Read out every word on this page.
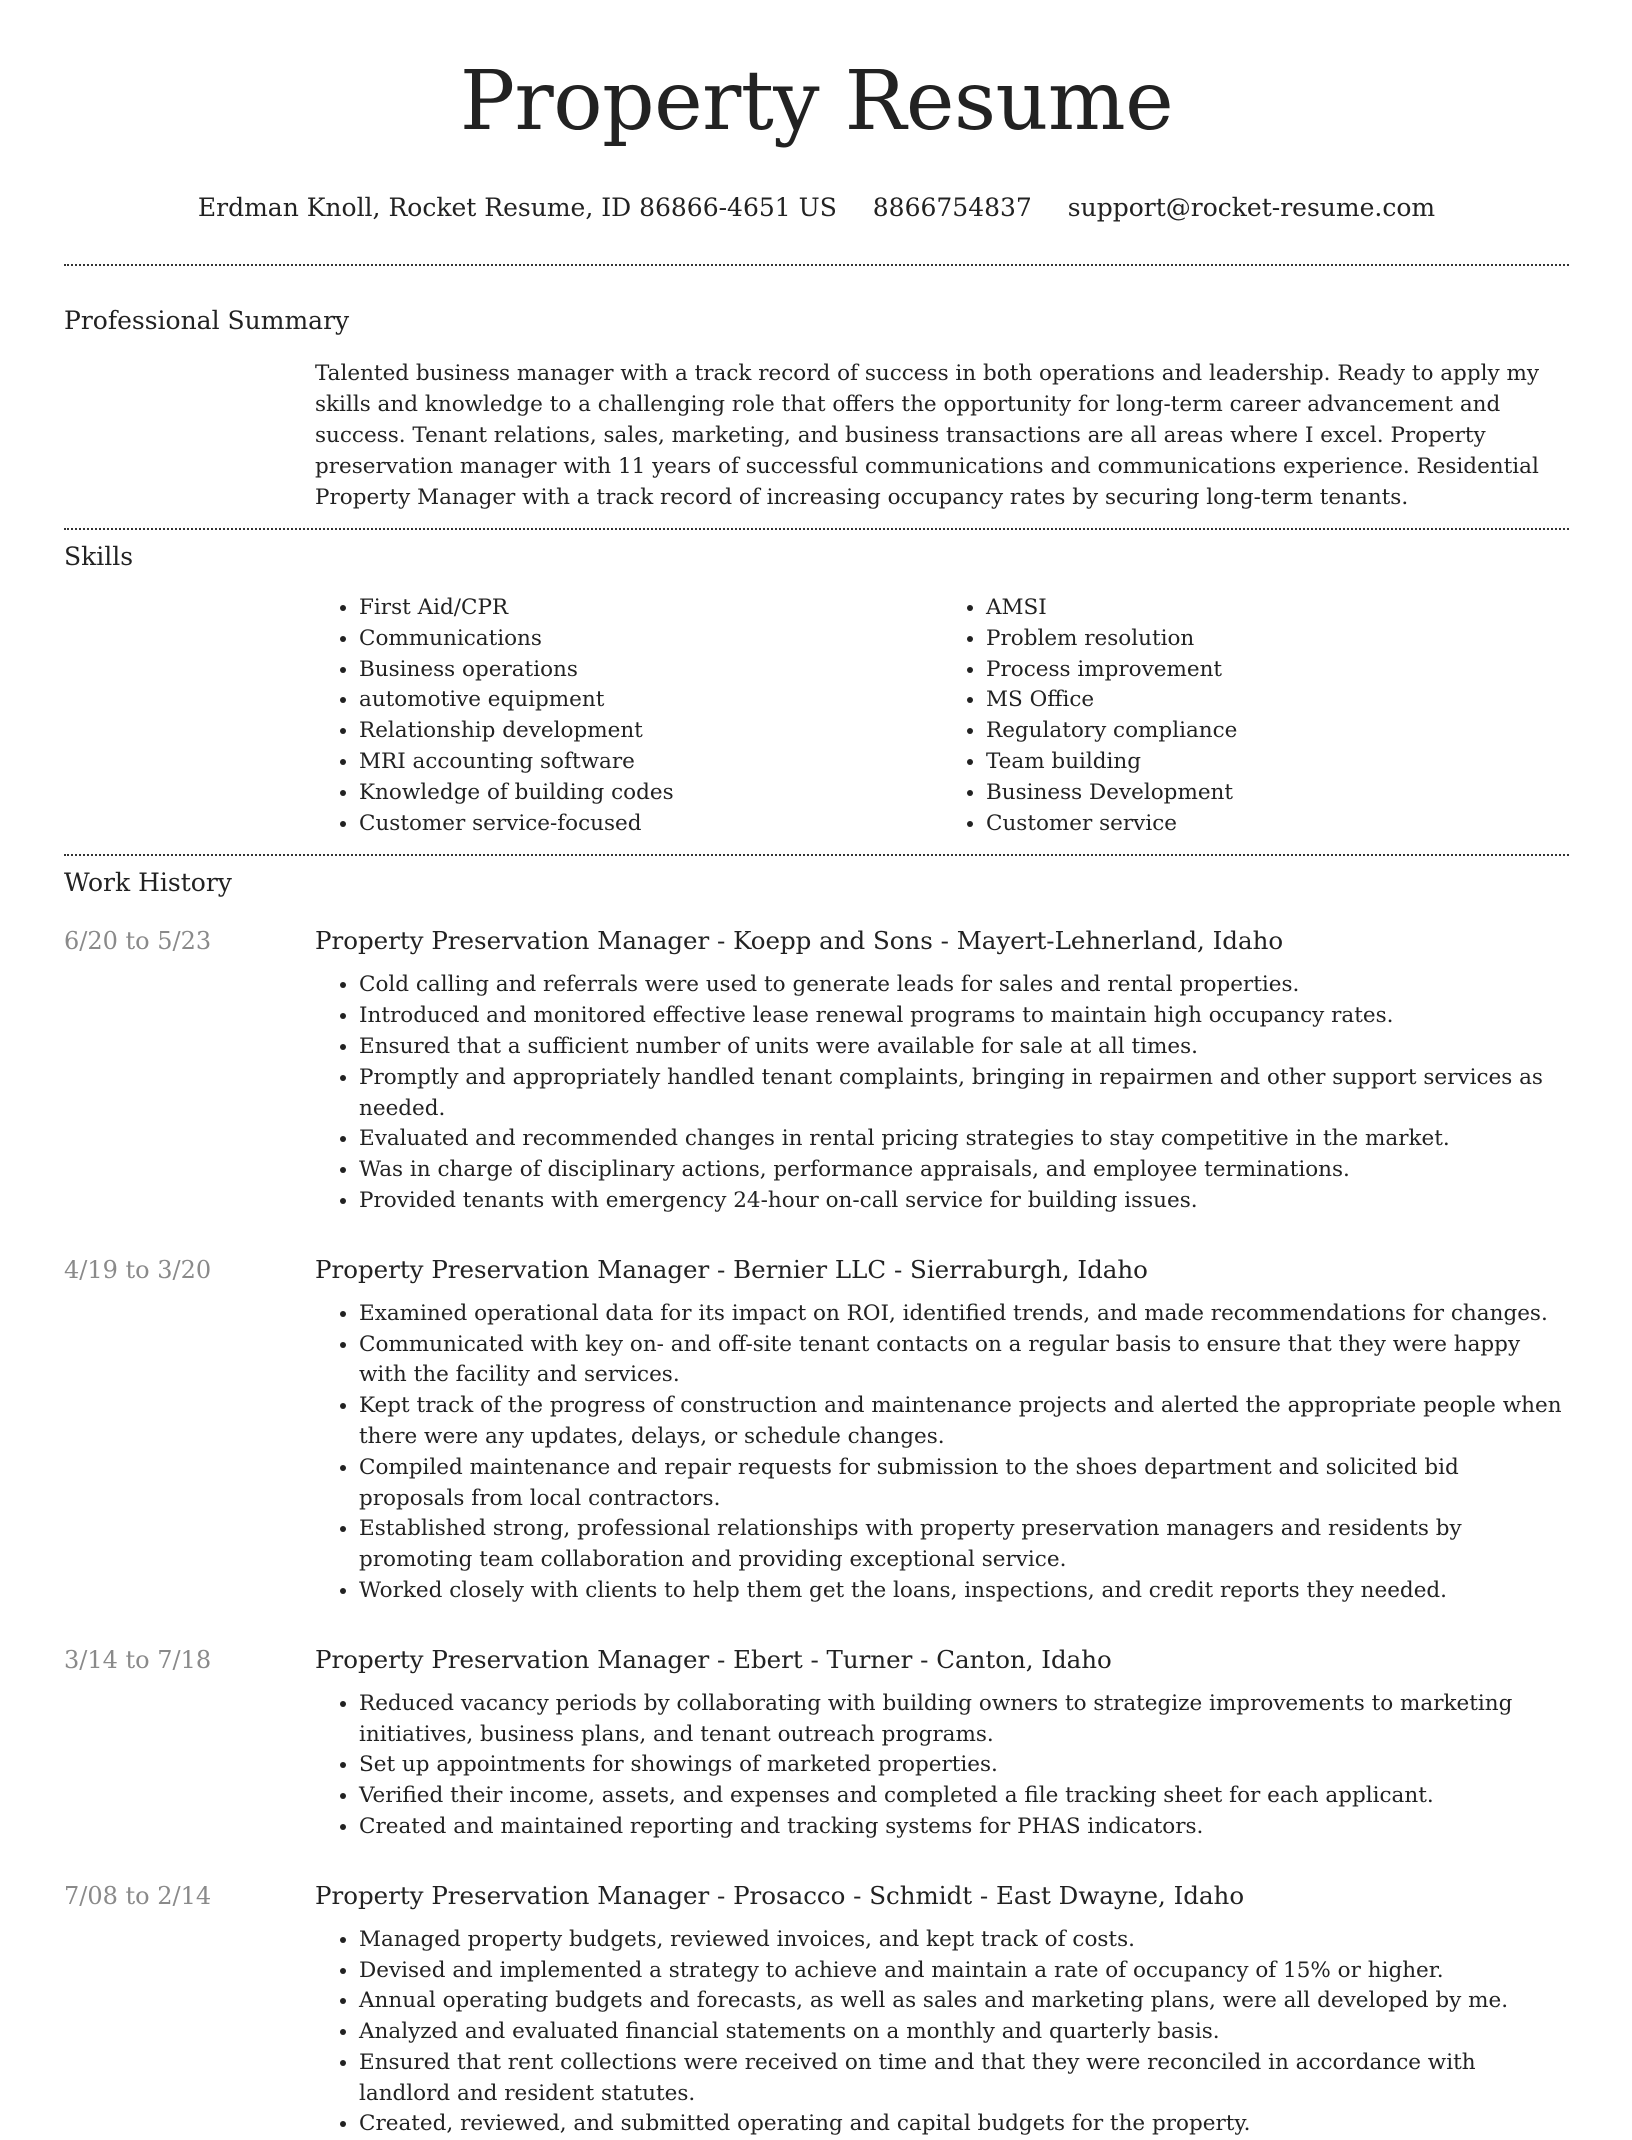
Property Resume
Erdman Knoll, Rocket Resume, ID 86866-4651 US 8866754837 support@rocket-resume.com
Professional Summary

Talented business manager with a track record of success in both operations and leadership. Ready to apply my skills and knowledge to a challenging role that offers the opportunity for long-term career advancement and success. Tenant relations, sales, marketing, and business transactions are all areas where I excel. Property preservation manager with 11 years of successful communications and communications experience. Residential Property Manager with a track record of increasing occupancy rates by securing long-term tenants.

Skills
• First Aid/CPR
• Communications
• Business operations
• automotive equipment
• Relationship development
• MRI accounting software
• Knowledge of building codes
• Customer service-focused
• AMSI
• Problem resolution
• Process improvement
• MS Office
• Regulatory compliance
• Team building
• Business Development
• Customer service
Work History
6/20 to 5/23	Property Preservation Manager - Koepp and Sons - Mayert-Lehnerland, Idaho
• Cold calling and referrals were used to generate leads for sales and rental properties.
• Introduced and monitored effective lease renewal programs to maintain high occupancy rates.
• Ensured that a sufficient number of units were available for sale at all times.
• Promptly and appropriately handled tenant complaints, bringing in repairmen and other support services as needed.
• Evaluated and recommended changes in rental pricing strategies to stay competitive in the market.
• Was in charge of disciplinary actions, performance appraisals, and employee terminations.
• Provided tenants with emergency 24-hour on-call service for building issues.
4/19 to 3/20	Property Preservation Manager - Bernier LLC - Sierraburgh, Idaho
• Examined operational data for its impact on ROI, identified trends, and made recommendations for changes.
• Communicated with key on- and off-site tenant contacts on a regular basis to ensure that they were happy with the facility and services.
• Kept track of the progress of construction and maintenance projects and alerted the appropriate people when there were any updates, delays, or schedule changes.
• Compiled maintenance and repair requests for submission to the shoes department and solicited bid proposals from local contractors.
• Established strong, professional relationships with property preservation managers and residents by promoting team collaboration and providing exceptional service.
• Worked closely with clients to help them get the loans, inspections, and credit reports they needed.
3/14 to 7/18	Property Preservation Manager - Ebert - Turner - Canton, Idaho
• Reduced vacancy periods by collaborating with building owners to strategize improvements to marketing initiatives, business plans, and tenant outreach programs.
• Set up appointments for showings of marketed properties.
• Verified their income, assets, and expenses and completed a file tracking sheet for each applicant.
• Created and maintained reporting and tracking systems for PHAS indicators.
7/08 to 2/14	Property Preservation Manager - Prosacco - Schmidt - East Dwayne, Idaho
• Managed property budgets, reviewed invoices, and kept track of costs.
• Devised and implemented a strategy to achieve and maintain a rate of occupancy of 15% or higher.
• Annual operating budgets and forecasts, as well as sales and marketing plans, were all developed by me.
• Analyzed and evaluated financial statements on a monthly and quarterly basis.
• Ensured that rent collections were received on time and that they were reconciled in accordance with landlord and resident statutes.
• Created, reviewed, and submitted operating and capital budgets for the property.
